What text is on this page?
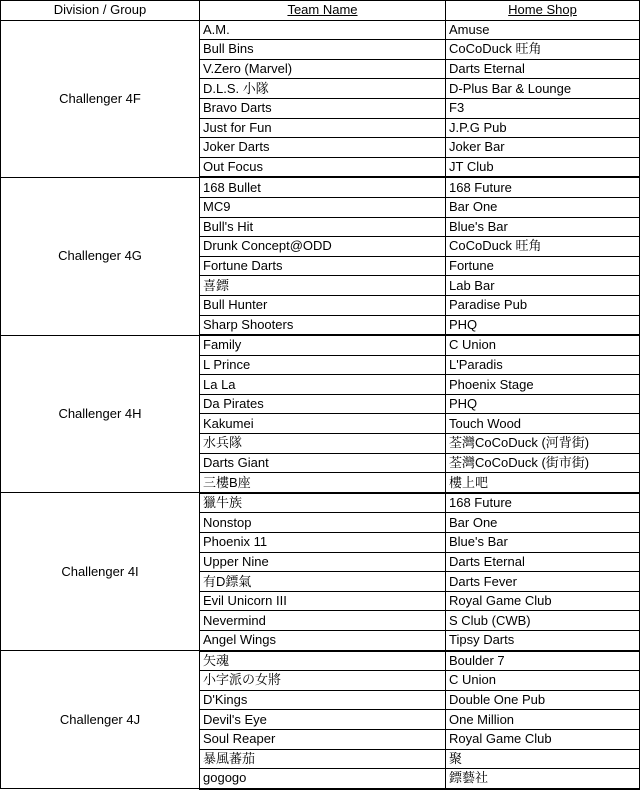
Division / Group	Team Name	Home Shop
Challenger 4F	A.M.	Amuse
	Bull Bins	CoCoDuck 旺角
	V.Zero (Marvel)	Darts Eternal
	D.L.S. 小隊	D-Plus Bar & Lounge
	Bravo Darts	F3
	Just for Fun	J.P.G Pub
	Joker Darts	Joker Bar
	Out Focus	JT Club
Challenger 4G	168 Bullet	168 Future
	MC9	Bar One
	Bull's Hit	Blue's Bar
	Drunk Concept@ODD	CoCoDuck 旺角
	Fortune Darts	Fortune
	喜鏢	Lab Bar
	Bull Hunter	Paradise Pub
	Sharp Shooters	PHQ
Challenger 4H	Family	C Union
	L Prince	L'Paradis
	La La	Phoenix Stage
	Da Pirates	PHQ
	Kakumei	Touch Wood
	水兵隊	荃灣CoCoDuck (河背街)
	Darts Giant	荃灣CoCoDuck (街市街)
	三樓B座	樓上吧
Challenger 4I	獵牛族	168 Future
	Nonstop	Bar One
	Phoenix 11	Blue's Bar
	Upper Nine	Darts Eternal
	有D鏢氣	Darts Fever
	Evil Unicorn III	Royal Game Club
	Nevermind	S Club (CWB)
	Angel Wings	Tipsy Darts
Challenger 4J	矢魂	Boulder 7
	小字派の女將	C Union
	D'Kings	Double One Pub
	Devil's Eye	One Million
	Soul Reaper	Royal Game Club
	暴風蕃茄	聚
	gogogo	鏢藝社
